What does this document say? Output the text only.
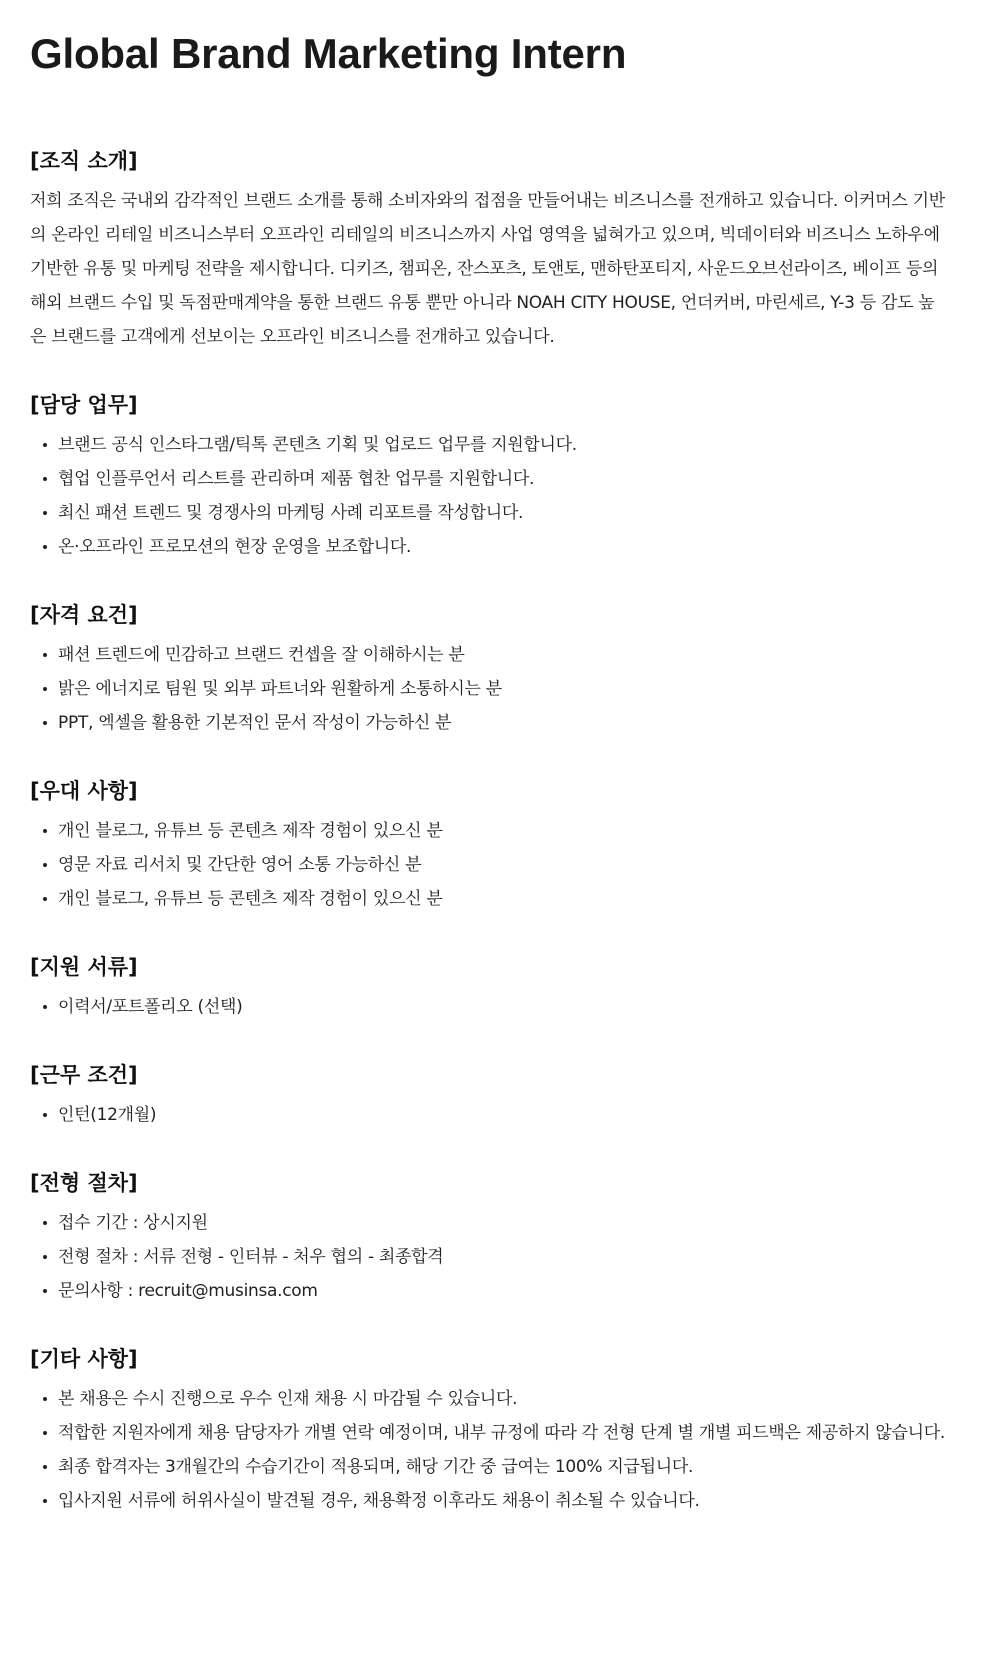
Global Brand Marketing Intern
[조직 소개]

저희 조직은 국내외 감각적인 브랜드 소개를 통해 소비자와의 접점을 만들어내는 비즈니스를 전개하고 있습니다. 이커머스 기반의 온라인 리테일 비즈니스부터 오프라인 리테일의 비즈니스까지 사업 영역을 넓혀가고 있으며, 빅데이터와 비즈니스 노하우에 기반한 유통 및 마케팅 전략을 제시합니다. 디키즈, 챔피온, 잔스포츠, 토앤토, 맨하탄포티지, 사운드오브선라이즈, 베이프 등의 해외 브랜드 수입 및 독점판매계약을 통한 브랜드 유통 뿐만 아니라 NOAH CITY HOUSE, 언더커버, 마린세르, Y-3 등 감도 높은 브랜드를 고객에게 선보이는 오프라인 비즈니스를 전개하고 있습니다.

[담당 업무]
브랜드 공식 인스타그램/틱톡 콘텐츠 기획 및 업로드 업무를 지원합니다.
협업 인플루언서 리스트를 관리하며 제품 협찬 업무를 지원합니다.
최신 패션 트렌드 및 경쟁사의 마케팅 사례 리포트를 작성합니다.
온·오프라인 프로모션의 현장 운영을 보조합니다.
[자격 요건]
패션 트렌드에 민감하고 브랜드 컨셉을 잘 이해하시는 분
밝은 에너지로 팀원 및 외부 파트너와 원활하게 소통하시는 분
PPT, 엑셀을 활용한 기본적인 문서 작성이 가능하신 분
[우대 사항]
개인 블로그, 유튜브 등 콘텐츠 제작 경험이 있으신 분
영문 자료 리서치 및 간단한 영어 소통 가능하신 분
개인 블로그, 유튜브 등 콘텐츠 제작 경험이 있으신 분
[지원 서류]
이력서/포트폴리오 (선택)
[근무 조건]
인턴(12개월)
[전형 절차]
접수 기간 : 상시지원
전형 절차 : 서류 전형 - 인터뷰 - 처우 협의 - 최종합격
문의사항 : recruit@musinsa.com
[기타 사항]
본 채용은 수시 진행으로 우수 인재 채용 시 마감될 수 있습니다.
적합한 지원자에게 채용 담당자가 개별 연락 예정이며, 내부 규정에 따라 각 전형 단계 별 개별 피드백은 제공하지 않습니다.
최종 합격자는 3개월간의 수습기간이 적용되며, 해당 기간 중 급여는 100% 지급됩니다.
입사지원 서류에 허위사실이 발견될 경우, 채용확정 이후라도 채용이 취소될 수 있습니다.
